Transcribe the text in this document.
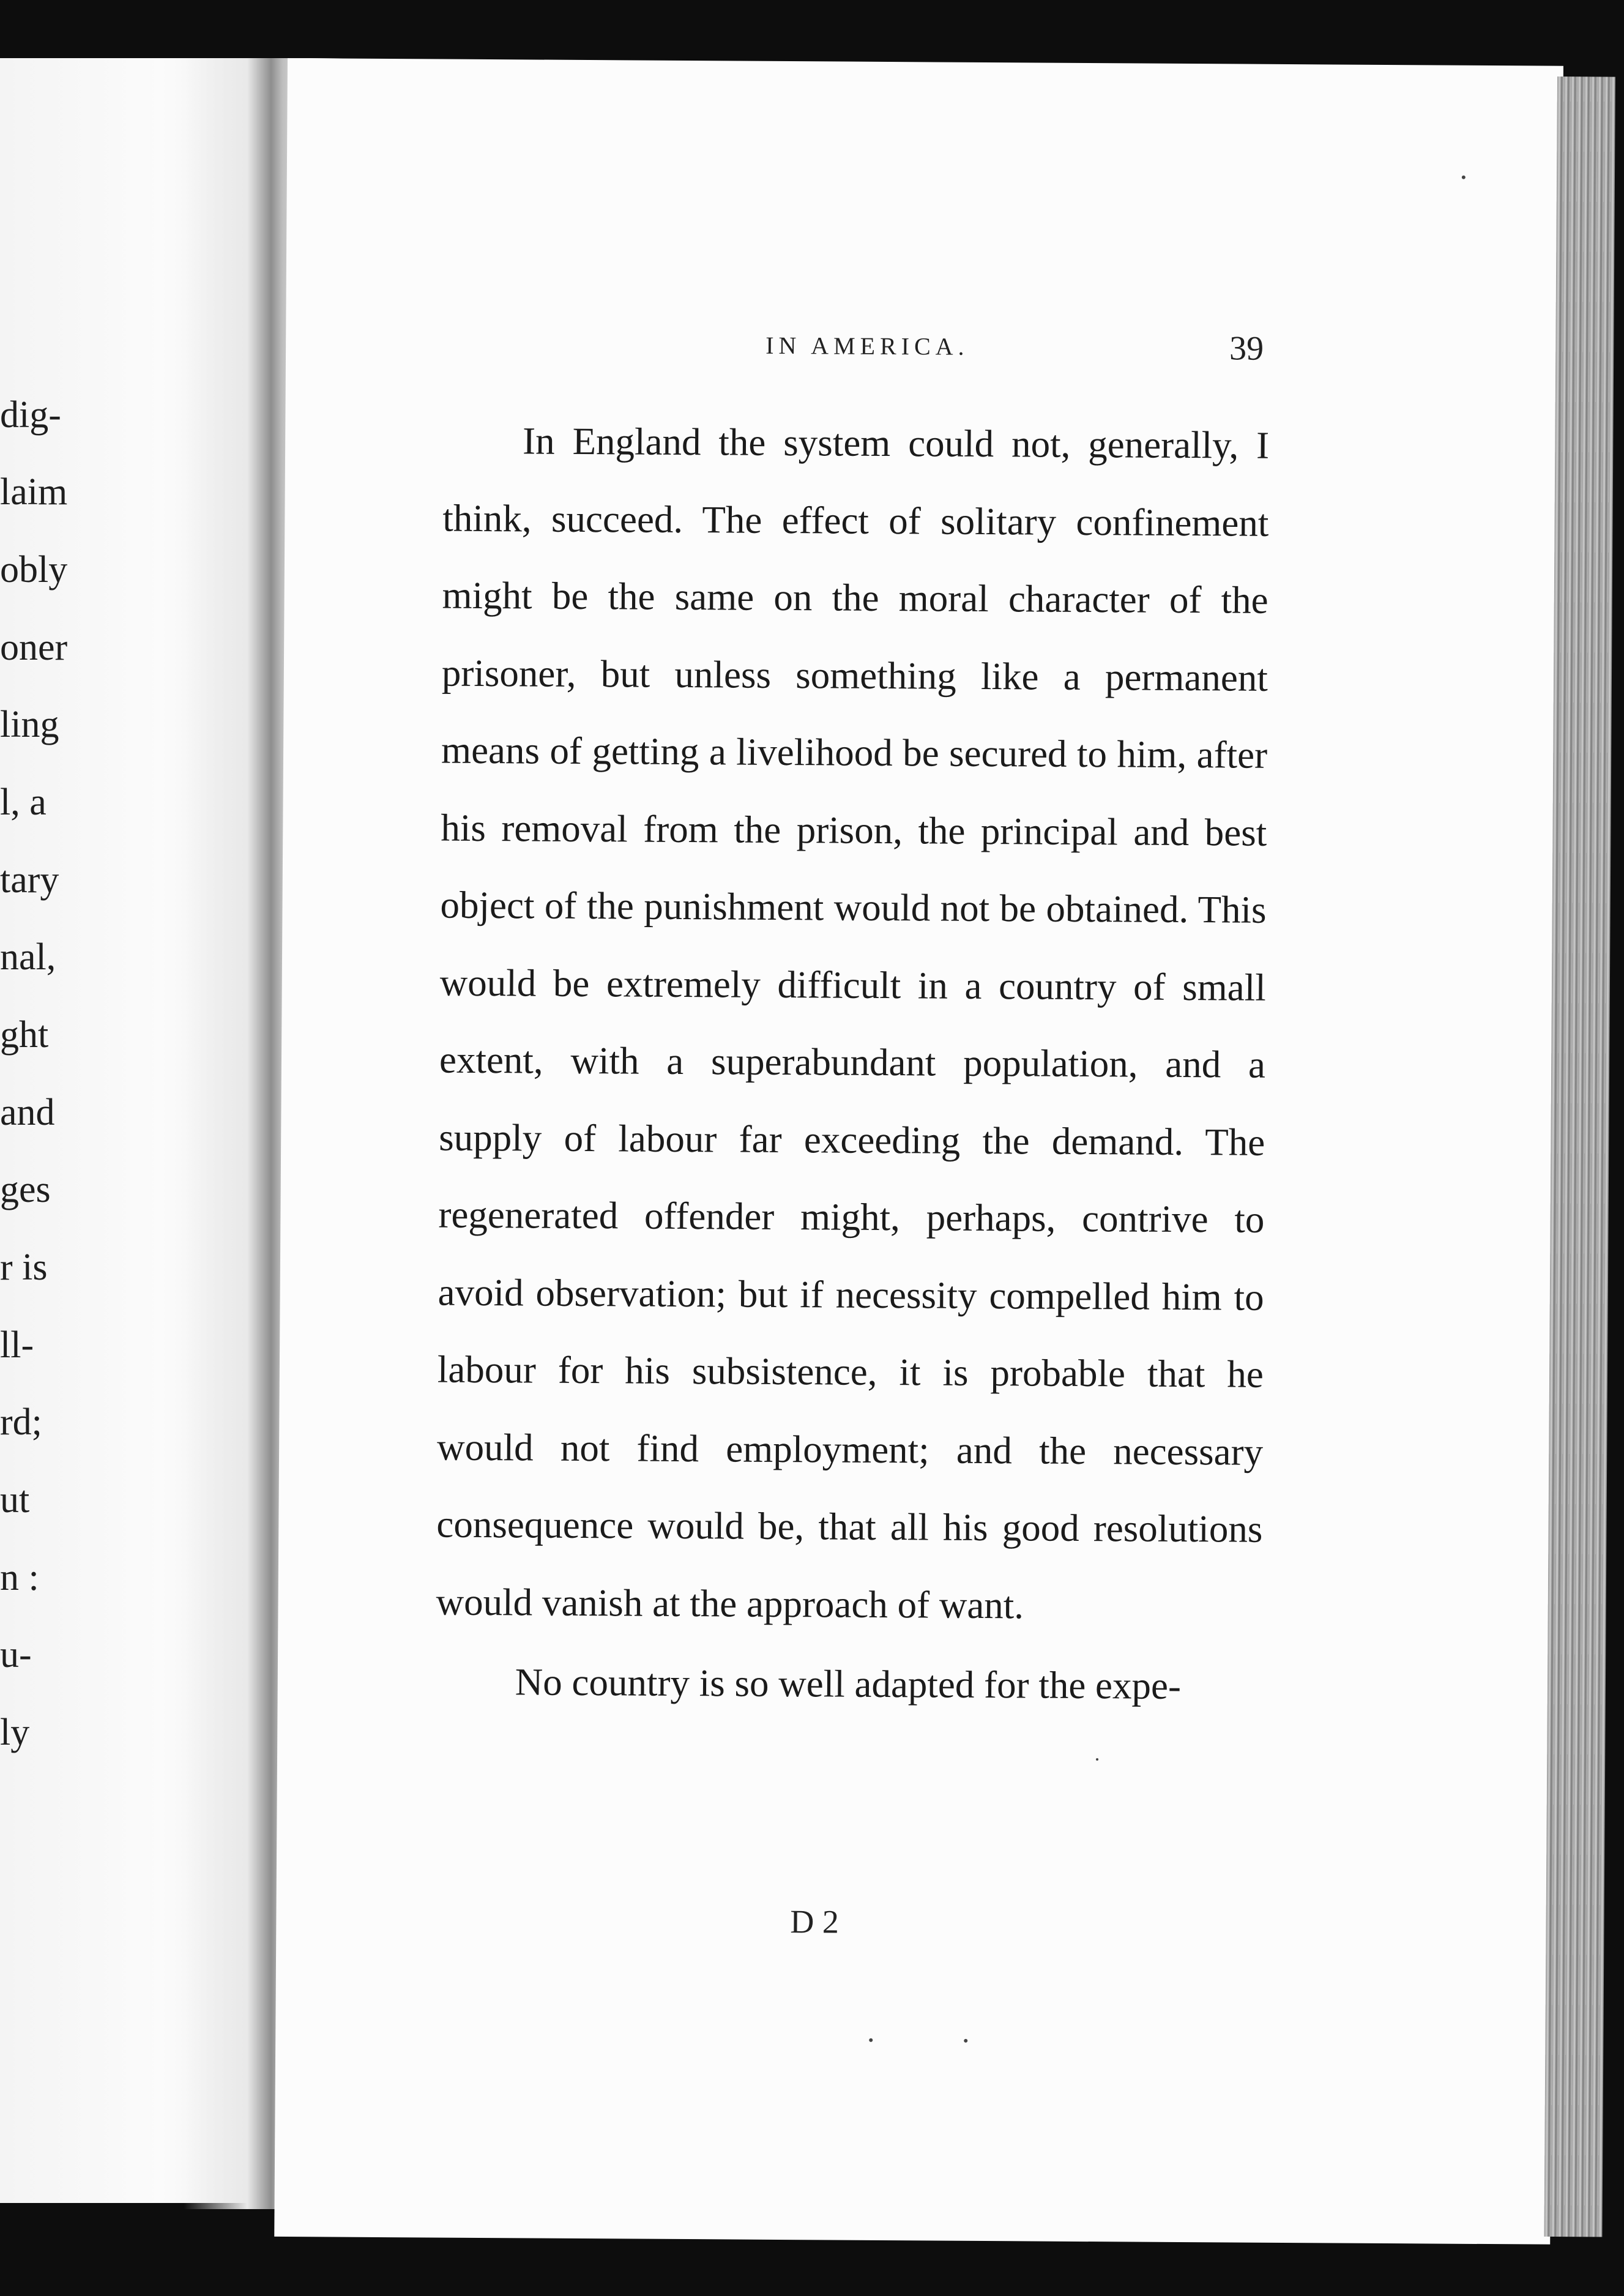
dig-
laim
obly
oner
ling
l, a
tary
nal,
ght
and
ges
r is
ll-
rd;
ut
n :
u-
ly
IN AMERICA.	39

In England the system could not, generally, I think, succeed. The effect of solitary confinement might be the same on the moral character of the prisoner, but unless something like a permanent means of getting a livelihood be secured to him, after his removal from the prison, the principal and best object of the punishment would not be obtained. This would be extremely difficult in a country of small extent, with a superabundant population, and a supply of labour far exceeding the demand. The regenerated offender might, perhaps, contrive to avoid observation; but if necessity compelled him to labour for his subsistence, it is probable that he would not find employment; and the necessary consequence would be, that all his good resolutions would vanish at the approach of want.

No country is so well adapted for the expe-

D 2
